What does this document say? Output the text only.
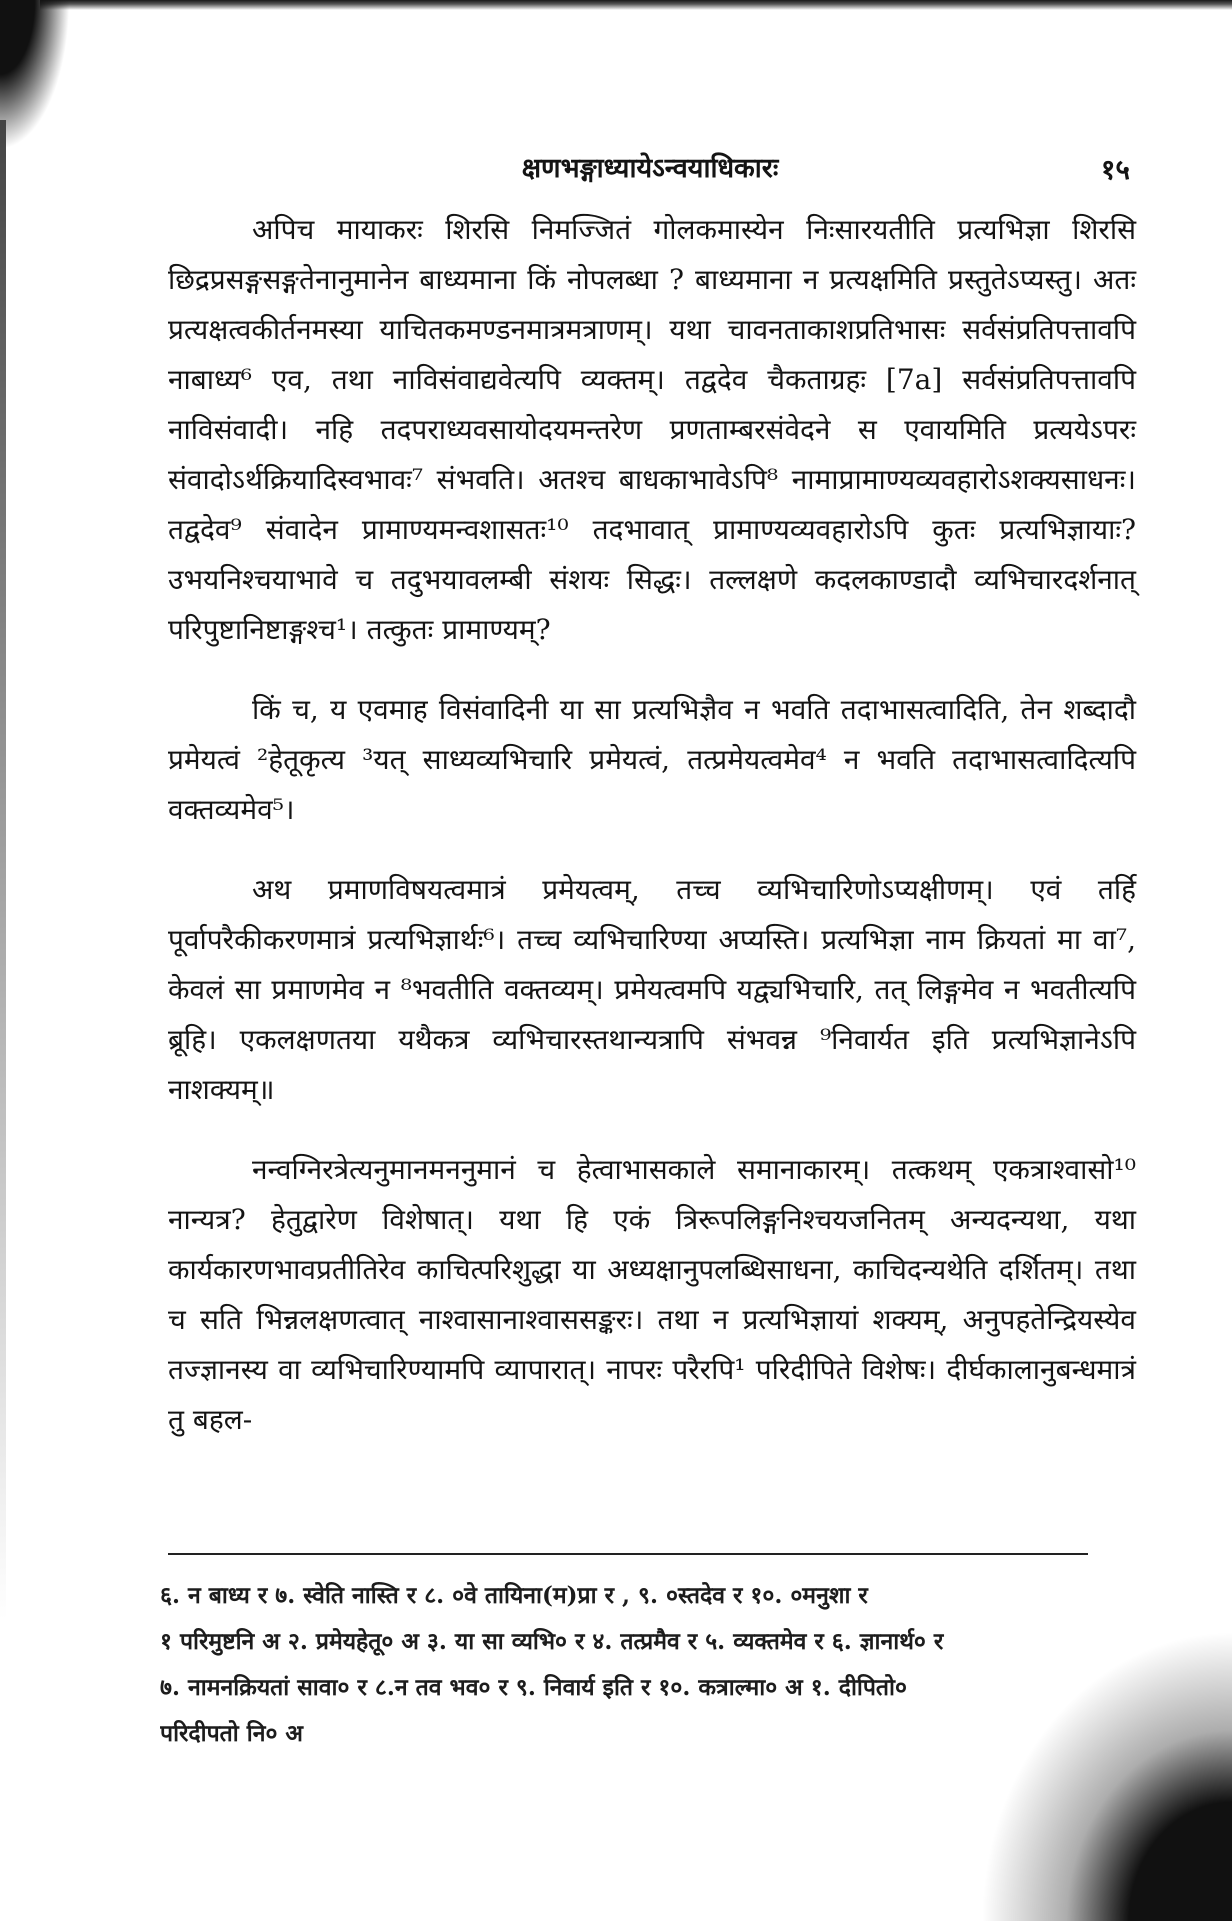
क्षणभङ्गाध्यायेऽन्वयाधिकारः	१५

अपिच मायाकरः शिरसि निमज्जितं गोलकमास्येन निःसारयतीति प्रत्यभिज्ञा शिरसि छिद्रप्रसङ्गसङ्गतेनानुमानेन बाध्यमाना किं नोपलब्धा ? बाध्यमाना न प्रत्यक्षमिति प्रस्तुतेऽप्यस्तु। अतः प्रत्यक्षत्वकीर्तनमस्या याचितकमण्डनमात्रमत्राणम्। यथा चावनताकाशप्रतिभासः सर्वसंप्रतिपत्तावपि नाबाध्य⁶ एव, तथा नाविसंवाद्यवेत्यपि व्यक्तम्। तद्वदेव चैकताग्रहः [7a] सर्वसंप्रतिपत्तावपि नाविसंवादी। नहि तदपराध्यवसायोदयमन्तरेण प्रणताम्बरसंवेदने स एवायमिति प्रत्ययेऽपरः संवादोऽर्थक्रियादिस्वभावः⁷ संभवति। अतश्च बाधकाभावेऽपि⁸ नामाप्रामाण्यव्यवहारोऽशक्यसाधनः। तद्वदेव⁹ संवादेन प्रामाण्यमन्वशासतः¹⁰ तदभावात् प्रामाण्यव्यवहारोऽपि कुतः प्रत्यभिज्ञायाः? उभयनिश्चयाभावे च तदुभयावलम्बी संशयः सिद्धः। तल्लक्षणे कदलकाण्डादौ व्यभिचारदर्शनात् परिपुष्टानिष्टाङ्गश्च¹। तत्कुतः प्रामाण्यम्?

किं च, य एवमाह विसंवादिनी या सा प्रत्यभिज्ञैव न भवति तदाभासत्वादिति, तेन शब्दादौ प्रमेयत्वं ²हेतूकृत्य ³यत् साध्यव्यभिचारि प्रमेयत्वं, तत्प्रमेयत्वमेव⁴ न भवति तदाभासत्वादित्यपि वक्तव्यमेव⁵।

अथ प्रमाणविषयत्वमात्रं प्रमेयत्वम्, तच्च व्यभिचारिणोऽप्यक्षीणम्। एवं तर्हि पूर्वापरैकीकरणमात्रं प्रत्यभिज्ञार्थः⁶। तच्च व्यभिचारिण्या अप्यस्ति। प्रत्यभिज्ञा नाम क्रियतां मा वा⁷, केवलं सा प्रमाणमेव न ⁸भवतीति वक्तव्यम्। प्रमेयत्वमपि यद्व्यभिचारि, तत् लिङ्गमेव न भवतीत्यपि ब्रूहि। एकलक्षणतया यथैकत्र व्यभिचारस्तथान्यत्रापि संभवन्न ⁹निवार्यत इति प्रत्यभिज्ञानेऽपि नाशक्यम्॥

नन्वग्निरत्रेत्यनुमानमननुमानं च हेत्वाभासकाले समानाकारम्। तत्कथम् एकत्राश्वासो¹⁰ नान्यत्र? हेतुद्वारेण विशेषात्। यथा हि एकं त्रिरूपलिङ्गनिश्चयजनितम् अन्यदन्यथा, यथा कार्यकारणभावप्रतीतिरेव काचित्परिशुद्धा या अध्यक्षानुपलब्धिसाधना, काचिदन्यथेति दर्शितम्। तथा च सति भिन्नलक्षणत्वात् नाश्वासानाश्वाससङ्करः। तथा न प्रत्यभिज्ञायां शक्यम्, अनुपहतेन्द्रियस्येव तज्ज्ञानस्य वा व्यभिचारिण्यामपि व्यापारात्। नापरः परैरपि¹ परिदीपिते विशेषः। दीर्घकालानुबन्धमात्रं तु बहल-

६. न बाध्य र ७. स्वेति नास्ति र ८. ०वे तायिना(म)प्रा र , ९. ०स्तदेव र १०. ०मनुशा र
१ परिमुष्टनि अ २. प्रमेयहेतू० अ ३. या सा व्यभि० र ४. तत्प्रमैव र ५. व्यक्तमेव र ६. ज्ञानार्थ० र
७. नामनक्रियतां सावा० र ८.न तव भव० र ९. निवार्य इति र १०. कत्राल्मा० अ १. दीपितो०
परिदीपतो नि० अ
